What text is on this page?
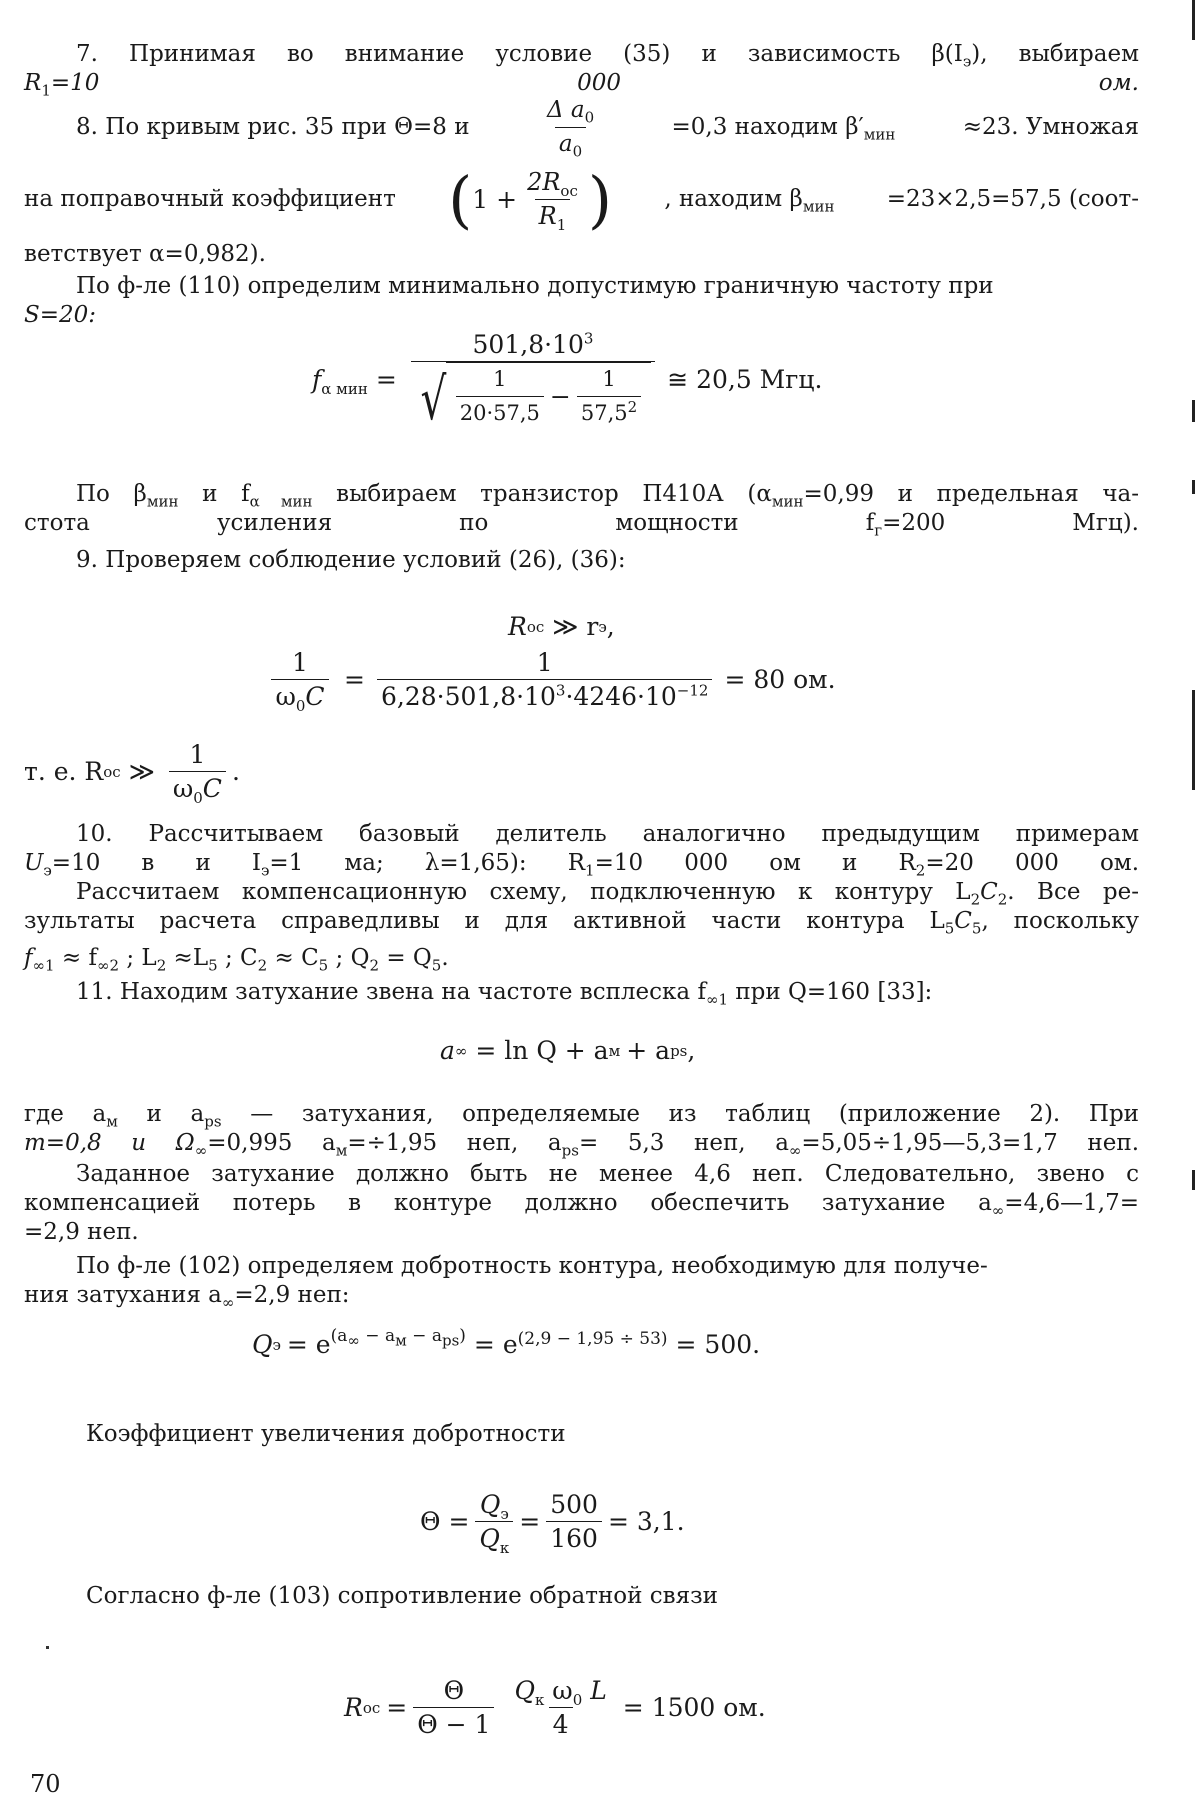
7. Принимая во внимание условие (35) и зависимость $\beta(I_э)$, выбираем
$R_1=10$ 000 ом.

8. По кривым рис. 35 при Θ=8 и	$\frac{\Delta a_0}{a_0}$	=0,3 находим $\beta'_{мин}$	≈23. Умножая
на поправочный коэффициент ( $1 + \frac{2R_{ос}}{R_1}$ ) , находим $\beta_{мин} =23\times 2,5=57,5$ (соот-
ветствует α=0,982).

По ф-ле (110) определим минимально допустимую граничную частоту при
S=20:

$f_{\alpha мин}$ =
$501,8\cdot 10^3$
√ $\frac{1}{20\cdot 57,5} - \frac{1}{57,5^2}$ ≅ 20,5 Мгц.

По $\beta_{мин}$ и $f_{\alpha мин}$ выбираем транзистор П410А ($\alpha_{мин}=0,99$ и предельная ча-
стота усиления по мощности $f_г=200$ Мгц).

9. Проверяем соблюдение условий (26), (36):
R ос ≫ r э ,
$\frac{1}{\omega_0C} = \frac{1}{6,28\cdot 501,8\cdot 10^3\cdot 4246\cdot 10^{-12}} = 80$ ом.
т. е. R ос ≫ $\frac{1}{\omega_0C}$ .

10. Рассчитываем базовый делитель аналогично предыдущим примерам
$U_э=10$ в и $I_э=1$ ма; λ=1,65): $R_1=10$ 000 ом и $R_2=20$ 000 ом.

Рассчитаем компенсационную схему, подключенную к контуру $L_2C_2$. Все ре-
зультаты расчета справедливы и для активной части контура $L_5C_5$, поскольку

$f_{\infty 1} \approx f_{\infty 2}$ ; $L_2 \approx L_5$ ; $C_2 \approx C_5$ ; $Q_2 = Q_5$.
11. Находим затухание звена на частоте всплеска $f_{\infty 1}$ при Q=160 [33]:
a ∞ = ln Q + a м + a ps ,

где $a_м$ и $a_{ps}$ — затухания, определяемые из таблиц (приложение 2). При
m=0,8 и $\Omega_\infty=0,995$ $a_м=\div 1,95$ неп, $a_{ps}= 5,3$ неп, $a_\infty=5,05\div 1,95—5,3=1,7$ неп.

Заданное затухание должно быть не менее 4,6 неп. Следовательно, звено с
компенсацией потерь в контуре должно обеспечить затухание $a_\infty=4,6—1,7=$

=2,9 неп.

По ф-ле (102) определяем добротность контура, необходимую для получе-
ния затухания $a_\infty=2,9$ неп:

Q э = e $^{(a_\infty - a_м - a_{ps})} = e^{(2,9 - 1,95 \div 53)} = 500$.
Коэффициент увеличения добротности
$\Theta = \frac{Q_э}{Q_к} = \frac{500}{160} = 3,1$.
Согласно ф-ле (103) сопротивление обратной связи
R ос = $\frac{\Theta}{\Theta - 1} \frac{Q_к \omega_0 L}{4} = 1500$ ом.
70
